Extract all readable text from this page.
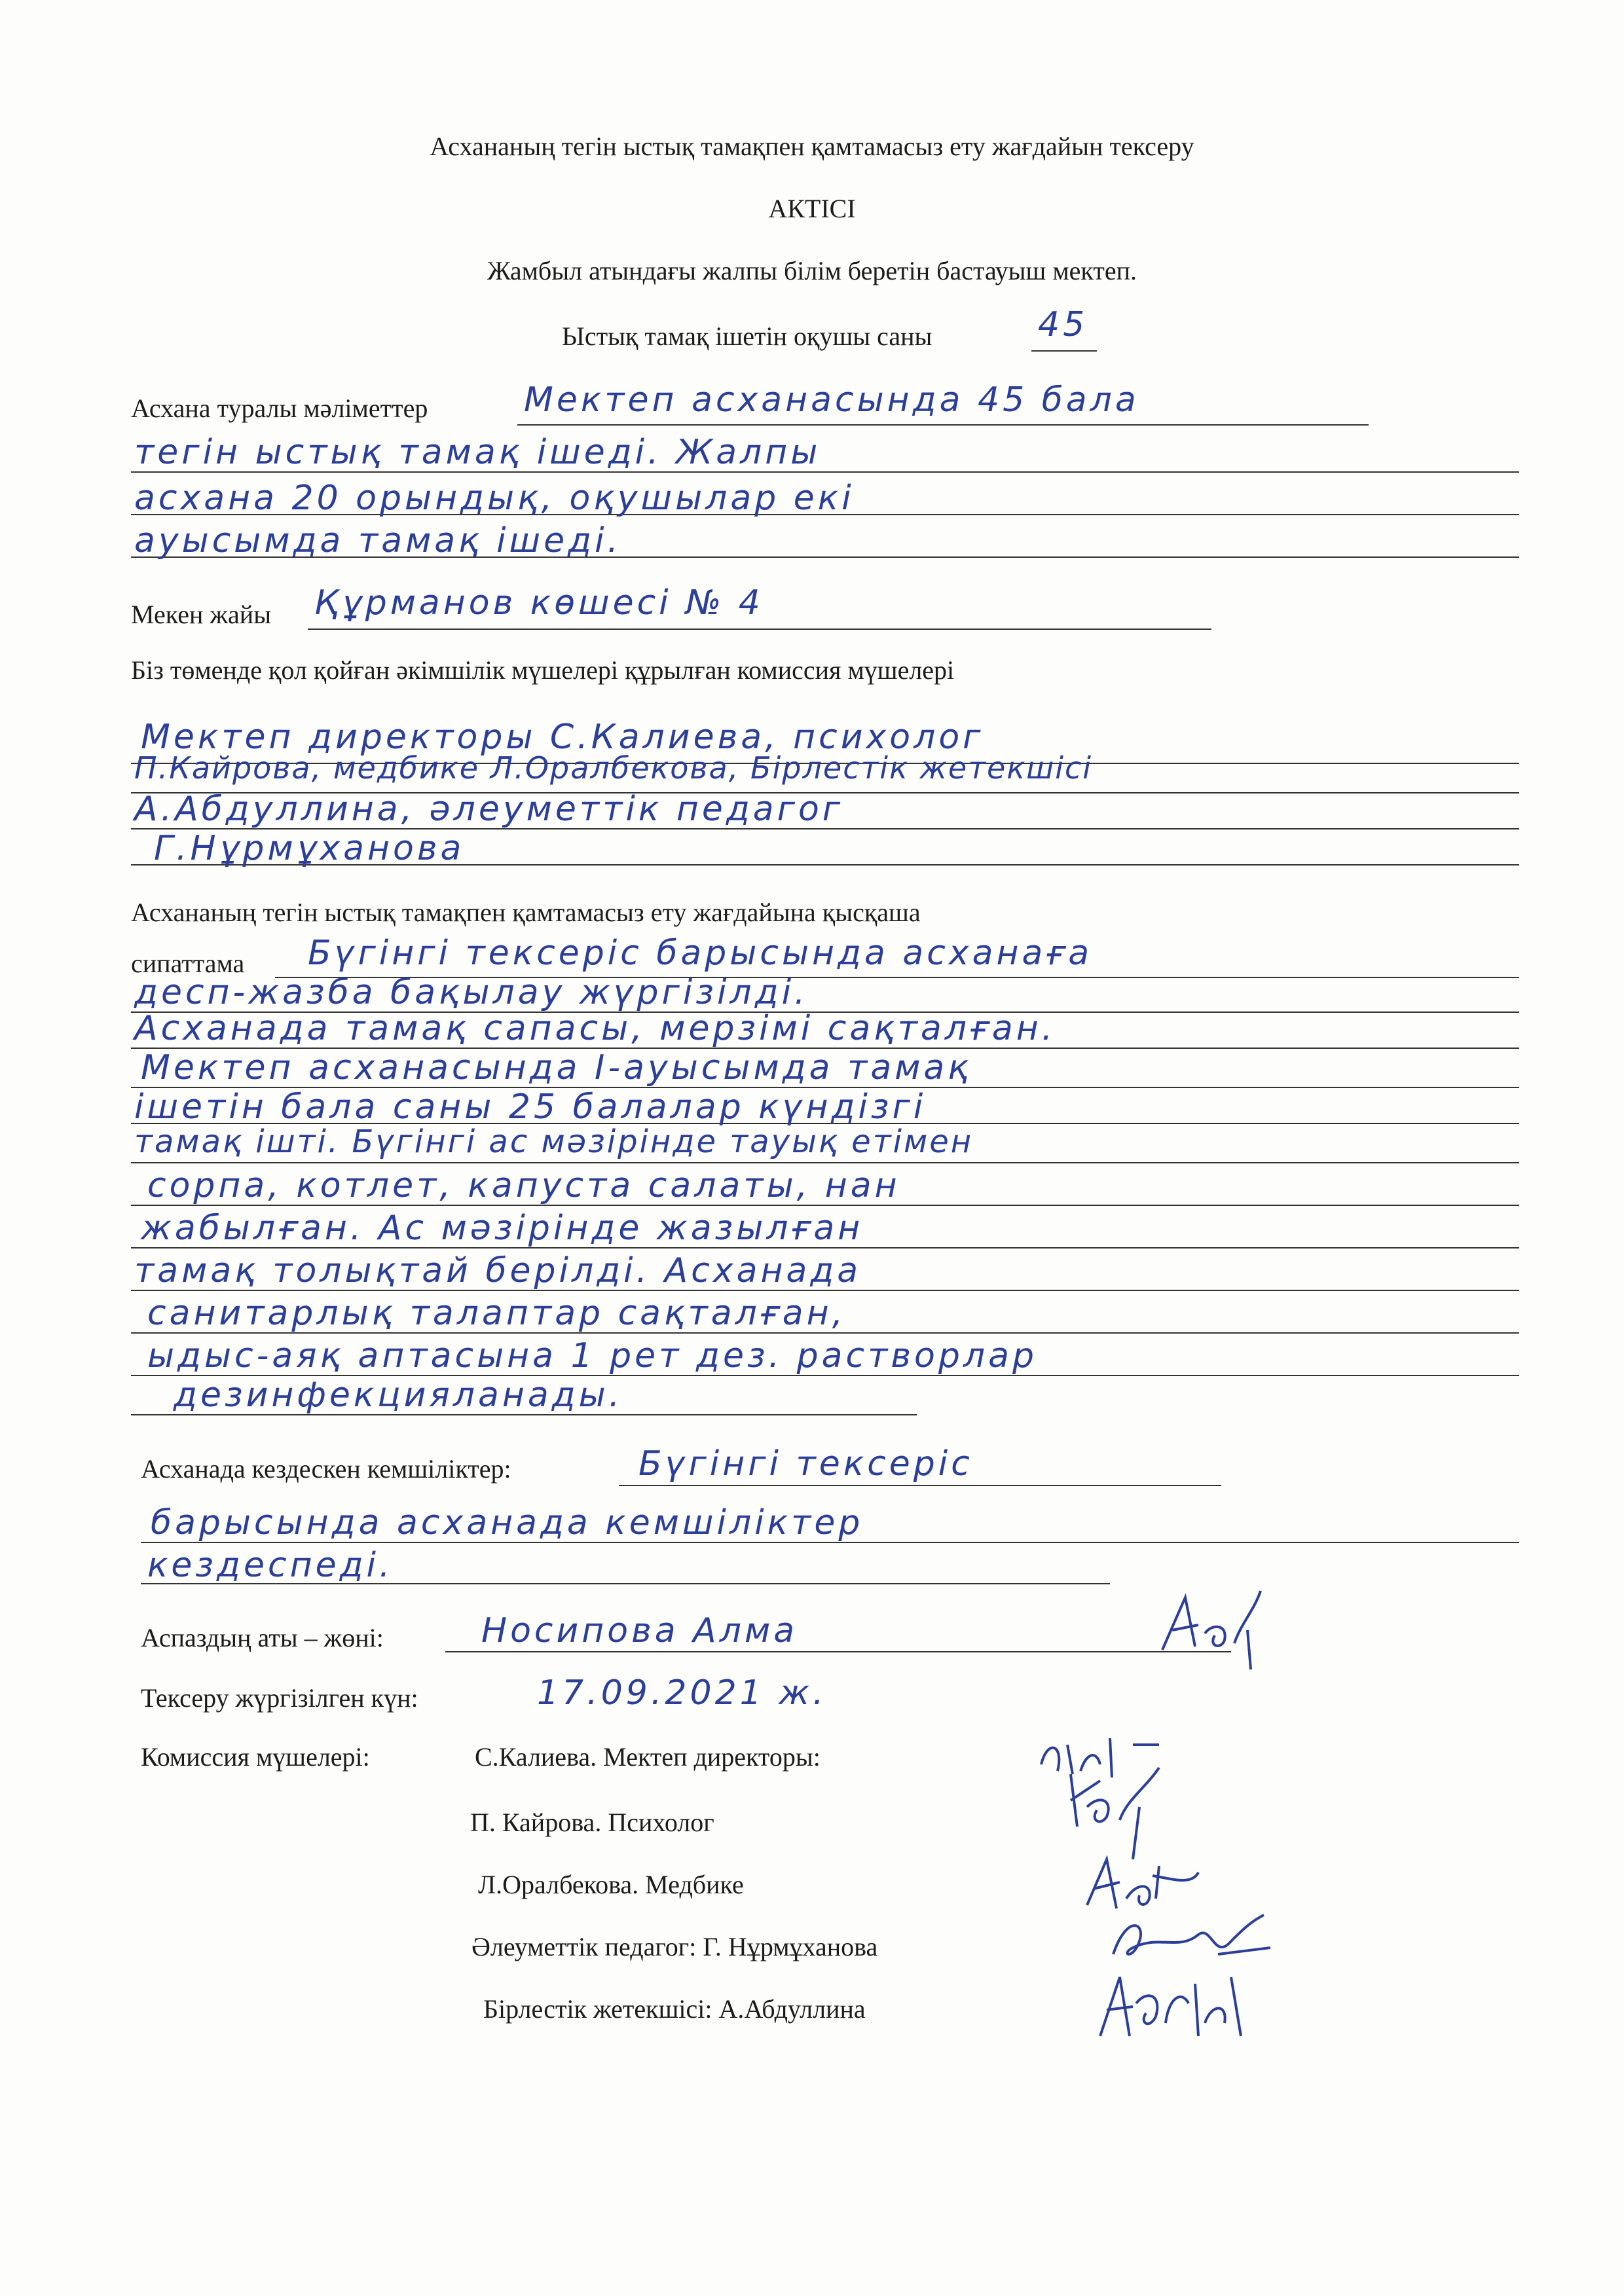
Асхананың тегін ыстық тамақпен қамтамасыз ету жағдайын тексеру
АКТІСІ
Жамбыл атындағы жалпы білім беретін бастауыш мектеп.
Ыстық тамақ ішетін оқушы саны	45
Асхана туралы мәліметтер	Мектеп асханасында 45 бала
тегін ыстық тамақ ішеді. Жалпы
асхана 20 орындық, оқушылар екі
ауысымда тамақ ішеді.
Мекен жайы Құрманов көшесі № 4
Біз төменде қол қойған әкімшілік мүшелері құрылған комиссия мүшелері
Мектеп директоры С.Калиева, психолог
П.Кайрова, медбике Л.Оралбекова, Бірлестік жетекшісі
А.Абдуллина, әлеуметтік педагог
Г.Нұрмұханова
Асхананың тегін ыстық тамақпен қамтамасыз ету жағдайына қысқаша
сипаттама Бүгінгі тексеріс барысында асханаға
десп-жазба бақылау жүргізілді.
Асханада тамақ сапасы, мерзімі сақталған.
Мектеп асханасында І-ауысымда тамақ
ішетін бала саны 25 балалар күндізгі
тамақ ішті. Бүгінгі ас мәзірінде тауық етімен
сорпа, котлет, капуста салаты, нан
жабылған. Ас мәзірінде жазылған
тамақ толықтай берілді. Асханада
санитарлық талаптар сақталған,
ыдыс-аяқ аптасына 1 рет дез. растворлар
дезинфекцияланады.
Асханада кездескен кемшіліктер:	Бүгінгі тексеріс
барысында асханада кемшіліктер
кездеспеді.
Аспаздың аты – жөні:	Носипова Алма
Тексеру жүргізілген күн:	17.09.2021 ж.
Комиссия мүшелері:	С.Калиева. Мектеп директоры:
П. Кайрова. Психолог
Л.Оралбекова. Медбике
Әлеуметтік педагог: Г. Нұрмұханова
Бірлестік жетекшісі: А.Абдуллина
